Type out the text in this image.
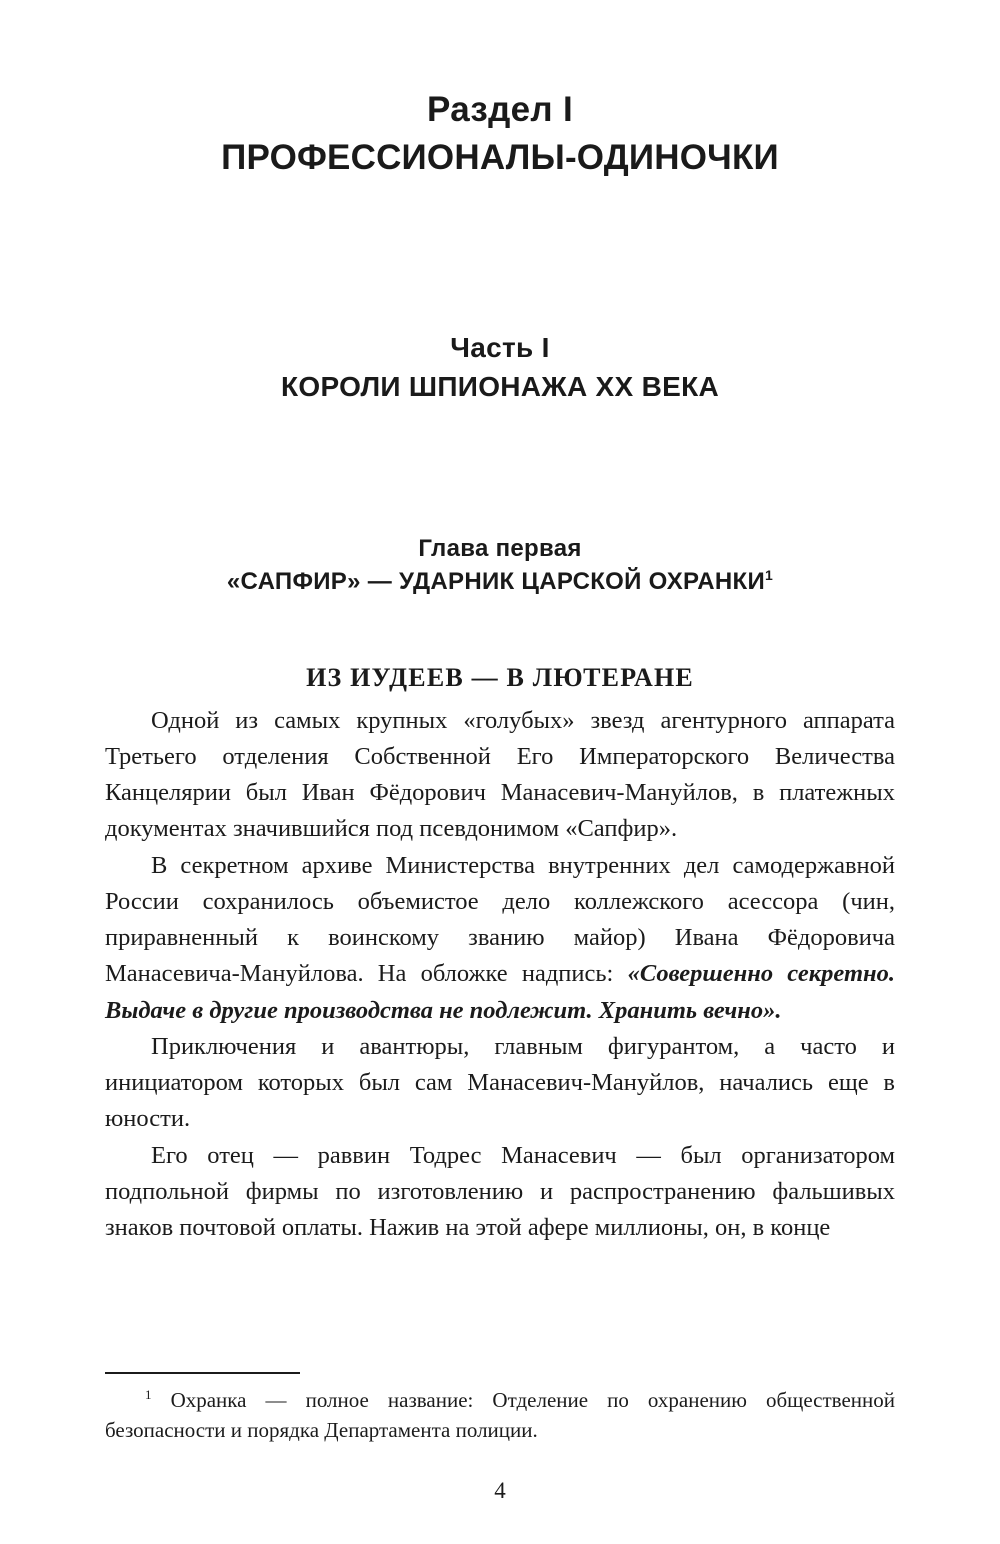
Раздел I
ПРОФЕССИОНАЛЫ-ОДИНОЧКИ
Часть I
КОРОЛИ ШПИОНАЖА XX ВЕКА
Глава первая
«САПФИР» — УДАРНИК ЦАРСКОЙ ОХРАНКИ$^1$
ИЗ ИУДЕЕВ — В ЛЮТЕРАНЕ

Одной из самых крупных «голубых» звезд агентурного аппарата Третьего отделения Собственной Его Императорского Величества Канцелярии был Иван Фёдорович Манасевич-Мануйлов, в платежных документах значившийся под псевдонимом «Сапфир».

В секретном архиве Министерства внутренних дел самодержавной России сохранилось объемистое дело коллежского асессора (чин, приравненный к воинскому званию майор) Ивана Фёдоровича Манасевича-Мануйлова. На обложке надпись: «Совершенно секретно. Выдаче в другие производства не подлежит. Хранить вечно».

Приключения и авантюры, главным фигурантом, а часто и инициатором которых был сам Манасевич-Мануйлов, начались еще в юности.

Его отец — раввин Тодрес Манасевич — был организатором подпольной фирмы по изготовлению и распространению фальшивых знаков почтовой оплаты. Нажив на этой афере миллионы, он, в конце

$^1$ Охранка — полное название: Отделение по охранению общественной безопасности и порядка Департамента полиции.
4
